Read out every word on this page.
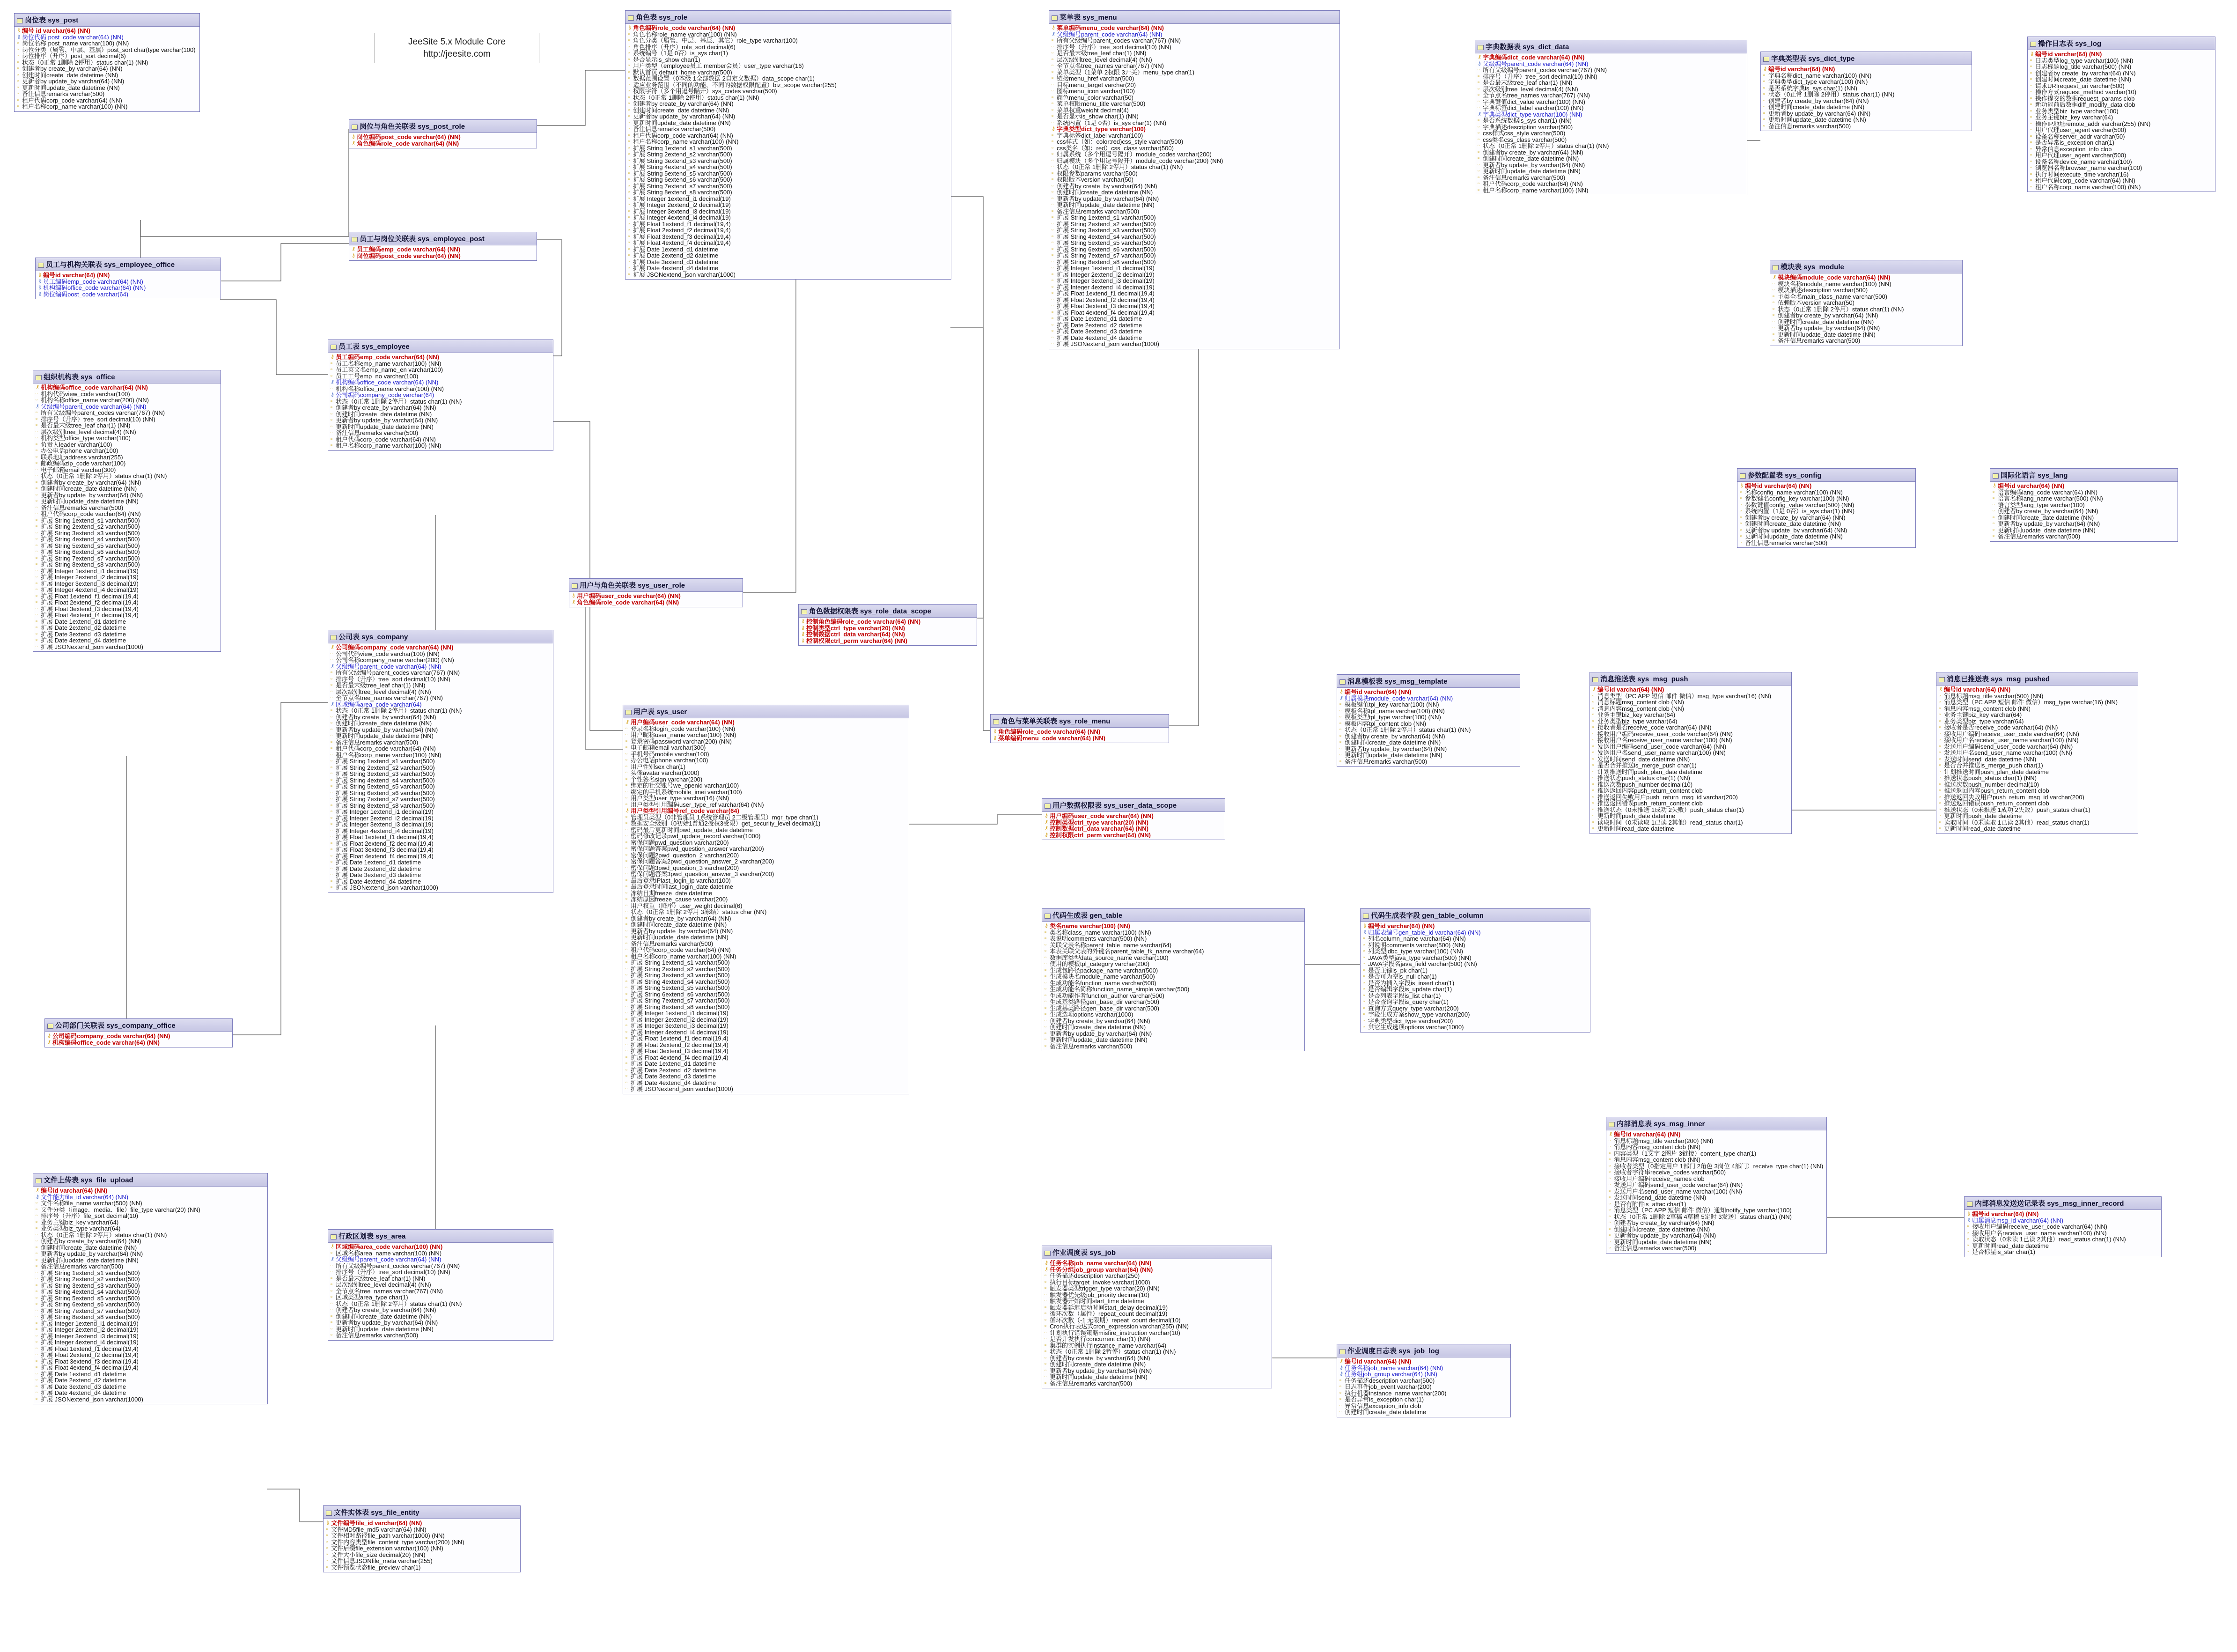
JeeSite 5.x Module Core
http://jeesite.com
岗位表 sys_post
⚷ 编号 id varchar(64) (NN)
⚷ 岗位代码 post_code varchar(64) (NN)
▫ 岗位名称 post_name varchar(100) (NN)
▫ 岗位分类（属管、中层、基层）post_sort char(type varchar(100)
▫ 岗位排序（升序）post_sort decimal(6)
▫ 状态（0正常 1删除 2停用）status char(1) (NN)
▫ 创建者by create_by varchar(64) (NN)
▫ 创建时间create_date datetime (NN)
▫ 更新者by update_by varchar(64) (NN)
▫ 更新时间update_date datetime (NN)
▫ 备注信息remarks varchar(500)
▫ 租户代码corp_code varchar(64) (NN)
▫ 租户名称corp_name varchar(100) (NN)
角色表 sys_role
⚷ 角色编码role_code varchar(64) (NN)
▫ 角色名称role_name varchar(100) (NN)
▫ 角色分类（属管、中层、基层、其它）role_type varchar(100)
▫ 角色排序（升序）role_sort decimal(6)
▫ 系统编号（1是 0否）is_sys char(1)
▫ 是否显示is_show char(1)
▫ 用户类型（employee员工 member会员）user_type varchar(16)
▫ 默认首页 default_home varchar(500)
▫ 数据范围设置（0本级 1全部数据 2自定义数据）data_scope char(1)
▫ 适应业务范围（不同的功能，不同的数据权限配置）biz_scope varchar(255)
▫ 权限字符（多个用逗号隔开）sys_codes varchar(500)
▫ 状态（0正常 1删除 2停用）status char(1) (NN)
▫ 创建者by create_by varchar(64) (NN)
▫ 创建时间create_date datetime (NN)
▫ 更新者by update_by varchar(64) (NN)
▫ 更新时间update_date datetime (NN)
▫ 备注信息remarks varchar(500)
▫ 租户代码corp_code varchar(64) (NN)
▫ 租户名称corp_name varchar(100) (NN)
▫ 扩展 String 1extend_s1 varchar(500)
▫ 扩展 String 2extend_s2 varchar(500)
▫ 扩展 String 3extend_s3 varchar(500)
▫ 扩展 String 4extend_s4 varchar(500)
▫ 扩展 String 5extend_s5 varchar(500)
▫ 扩展 String 6extend_s6 varchar(500)
▫ 扩展 String 7extend_s7 varchar(500)
▫ 扩展 String 8extend_s8 varchar(500)
▫ 扩展 Integer 1extend_i1 decimal(19)
▫ 扩展 Integer 2extend_i2 decimal(19)
▫ 扩展 Integer 3extend_i3 decimal(19)
▫ 扩展 Integer 4extend_i4 decimal(19)
▫ 扩展 Float 1extend_f1 decimal(19,4)
▫ 扩展 Float 2extend_f2 decimal(19,4)
▫ 扩展 Float 3extend_f3 decimal(19,4)
▫ 扩展 Float 4extend_f4 decimal(19,4)
▫ 扩展 Date 1extend_d1 datetime
▫ 扩展 Date 2extend_d2 datetime
▫ 扩展 Date 3extend_d3 datetime
▫ 扩展 Date 4extend_d4 datetime
▫ 扩展 JSONextend_json varchar(1000)
菜单表 sys_menu
⚷ 菜单编码menu_code varchar(64) (NN)
⚷ 父级编号parent_code varchar(64) (NN)
▫ 所有父级编号parent_codes varchar(767) (NN)
▫ 排序号（升序）tree_sort decimal(10) (NN)
▫ 是否最末级tree_leaf char(1) (NN)
▫ 层次级别tree_level decimal(4) (NN)
▫ 全节点名tree_names varchar(767) (NN)
▫ 菜单类型（1菜单 2权限 3开关）menu_type char(1)
▫ 链接menu_href varchar(500)
▫ 目标menu_target varchar(20)
▫ 图标menu_icon varchar(100)
▫ 颜色menu_color varchar(50)
▫ 菜单权限menu_title varchar(500)
▫ 菜单权重weight decimal(4)
▫ 是否显示is_show char(1) (NN)
▫ 系统内置（1是 0否）is_sys char(1) (NN)
⚷ 字典类型dict_type varchar(100)
▫ 字典标签dict_label varchar(100)
▫ css样式（如：color:red)css_style varchar(500)
▫ css类名（如：red）css_class varchar(500)
▫ 归属系统（多个用逗号隔开）module_codes varchar(200)
▫ 归属模块（多个用逗号隔开）module_code varchar(200) (NN)
▫ 状态（0正常 1删除 2停用）status char(1) (NN)
▫ 权限参数params varchar(500)
▫ 权限版本version varchar(50)
▫ 创建者by create_by varchar(64) (NN)
▫ 创建时间create_date datetime (NN)
▫ 更新者by update_by varchar(64) (NN)
▫ 更新时间update_date datetime (NN)
▫ 备注信息remarks varchar(500)
▫ 扩展 String 1extend_s1 varchar(500)
▫ 扩展 String 2extend_s2 varchar(500)
▫ 扩展 String 3extend_s3 varchar(500)
▫ 扩展 String 4extend_s4 varchar(500)
▫ 扩展 String 5extend_s5 varchar(500)
▫ 扩展 String 6extend_s6 varchar(500)
▫ 扩展 String 7extend_s7 varchar(500)
▫ 扩展 String 8extend_s8 varchar(500)
▫ 扩展 Integer 1extend_i1 decimal(19)
▫ 扩展 Integer 2extend_i2 decimal(19)
▫ 扩展 Integer 3extend_i3 decimal(19)
▫ 扩展 Integer 4extend_i4 decimal(19)
▫ 扩展 Float 1extend_f1 decimal(19,4)
▫ 扩展 Float 2extend_f2 decimal(19,4)
▫ 扩展 Float 3extend_f3 decimal(19,4)
▫ 扩展 Float 4extend_f4 decimal(19,4)
▫ 扩展 Date 1extend_d1 datetime
▫ 扩展 Date 2extend_d2 datetime
▫ 扩展 Date 3extend_d3 datetime
▫ 扩展 Date 4extend_d4 datetime
▫ 扩展 JSONextend_json varchar(1000)
字典数据表 sys_dict_data
⚷ 字典编码dict_code varchar(64) (NN)
⚷ 父级编号parent_code varchar(64) (NN)
▫ 所有父级编号parent_codes varchar(767) (NN)
▫ 排序号（升序）tree_sort decimal(10) (NN)
▫ 是否最末级tree_leaf char(1) (NN)
▫ 层次级别tree_level decimal(4) (NN)
▫ 全节点名tree_names varchar(767) (NN)
▫ 字典键值dict_value varchar(100) (NN)
▫ 字典标签dict_label varchar(100) (NN)
⚷ 字典类型dict_type varchar(100) (NN)
▫ 是否系统数据is_sys char(1) (NN)
▫ 字典描述description varchar(500)
▫ css样式css_style varchar(500)
▫ css类名css_class varchar(500)
▫ 状态（0正常 1删除 2停用）status char(1) (NN)
▫ 创建者by create_by varchar(64) (NN)
▫ 创建时间create_date datetime (NN)
▫ 更新者by update_by varchar(64) (NN)
▫ 更新时间update_date datetime (NN)
▫ 备注信息remarks varchar(500)
▫ 租户代码corp_code varchar(64) (NN)
▫ 租户名称corp_name varchar(100) (NN)
字典类型表 sys_dict_type
⚷ 编号id varchar(64) (NN)
▫ 字典名称dict_name varchar(100) (NN)
▫ 字典类型dict_type varchar(100) (NN)
▫ 是否系统字典is_sys char(1) (NN)
▫ 状态（0正常 1删除 2停用）status char(1) (NN)
▫ 创建者by create_by varchar(64) (NN)
▫ 创建时间create_date datetime (NN)
▫ 更新者by update_by varchar(64) (NN)
▫ 更新时间update_date datetime (NN)
▫ 备注信息remarks varchar(500)
操作日志表 sys_log
⚷ 编号id varchar(64) (NN)
▫ 日志类型log_type varchar(100) (NN)
▫ 日志标题log_title varchar(500) (NN)
▫ 创建者by create_by varchar(64) (NN)
▫ 创建时间create_date datetime (NN)
▫ 请求URIrequest_uri varchar(500)
▫ 操作方式request_method varchar(10)
▫ 操作提交的数据request_params clob
▫ 新功能前后数据diff_modify_data clob
▫ 业务类型biz_type varchar(100)
▫ 业务主键biz_key varchar(64)
▫ 操作IP地址remote_addr varchar(255) (NN)
▫ 用户代理user_agent varchar(500)
▫ 设备名称server_addr varchar(50)
▫ 是否异常is_exception char(1)
▫ 异常信息exception_info clob
▫ 用户代理user_agent varchar(500)
▫ 设备名称device_name varchar(100)
▫ 浏览器名称browser_name varchar(100)
▫ 执行时间execute_time varchar(16)
▫ 租户代码corp_code varchar(64) (NN)
▫ 租户名称corp_name varchar(100) (NN)
模块表 sys_module
⚷ 模块编码module_code varchar(64) (NN)
▫ 模块名称module_name varchar(100) (NN)
▫ 模块描述description varchar(500)
▫ 主类全名main_class_name varchar(500)
▫ 依赖版本version varchar(50)
▫ 状态（0正常 1删除 2停用）status char(1) (NN)
▫ 创建者by create_by varchar(64) (NN)
▫ 创建时间create_date datetime (NN)
▫ 更新者by update_by varchar(64) (NN)
▫ 更新时间update_date datetime (NN)
▫ 备注信息remarks varchar(500)
参数配置表 sys_config
⚷ 编号id varchar(64) (NN)
▫ 名称config_name varchar(100) (NN)
▫ 参数键名config_key varchar(100) (NN)
▫ 参数键值config_value varchar(500) (NN)
▫ 系统内置（1是 0否）is_sys char(1) (NN)
▫ 创建者by create_by varchar(64) (NN)
▫ 创建时间create_date datetime (NN)
▫ 更新者by update_by varchar(64) (NN)
▫ 更新时间update_date datetime (NN)
▫ 备注信息remarks varchar(500)
国际化语言 sys_lang
⚷ 编号id varchar(64) (NN)
▫ 语言编码lang_code varchar(64) (NN)
▫ 语言名称lang_name varchar(500) (NN)
▫ 语言类型lang_type varchar(100)
▫ 创建者by create_by varchar(64) (NN)
▫ 创建时间create_date datetime (NN)
▫ 更新者by update_by varchar(64) (NN)
▫ 更新时间update_date datetime (NN)
▫ 备注信息remarks varchar(500)
岗位与角色关联表 sys_post_role
⚷ 岗位编码post_code varchar(64) (NN)
⚷ 角色编码role_code varchar(64) (NN)
员工与岗位关联表 sys_employee_post
⚷ 员工编码emp_code varchar(64) (NN)
⚷ 岗位编码post_code varchar(64) (NN)
员工与机构关联表 sys_employee_office
⚷ 编号id varchar(64) (NN)
⚷ 员工编码emp_code varchar(64) (NN)
⚷ 机构编码office_code varchar(64) (NN)
⚷ 岗位编码post_code varchar(64)
员工表 sys_employee
⚷ 员工编码emp_code varchar(64) (NN)
▫ 员工名称emp_name varchar(100) (NN)
▫ 员工英文名emp_name_en varchar(100)
▫ 员工工号emp_no varchar(100)
⚷ 机构编码office_code varchar(64) (NN)
▫ 机构名称office_name varchar(100) (NN)
⚷ 公司编码company_code varchar(64)
▫ 状态（0正常 1删除 2停用）status char(1) (NN)
▫ 创建者by create_by varchar(64) (NN)
▫ 创建时间create_date datetime (NN)
▫ 更新者by update_by varchar(64) (NN)
▫ 更新时间update_date datetime (NN)
▫ 备注信息remarks varchar(500)
▫ 租户代码corp_code varchar(64) (NN)
▫ 租户名称corp_name varchar(100) (NN)
组织机构表 sys_office
⚷ 机构编码office_code varchar(64) (NN)
▫ 机构代码view_code varchar(100)
▫ 机构名称office_name varchar(200) (NN)
⚷ 父级编号parent_code varchar(64) (NN)
▫ 所有父级编号parent_codes varchar(767) (NN)
▫ 排序号（升序）tree_sort decimal(10) (NN)
▫ 是否最末级tree_leaf char(1) (NN)
▫ 层次级别tree_level decimal(4) (NN)
▫ 机构类型office_type varchar(100)
▫ 负责人leader varchar(100)
▫ 办公电话phone varchar(100)
▫ 联系地址address varchar(255)
▫ 邮政编码zip_code varchar(100)
▫ 电子邮箱email varchar(300)
▫ 状态（0正常 1删除 2停用）status char(1) (NN)
▫ 创建者by create_by varchar(64) (NN)
▫ 创建时间create_date datetime (NN)
▫ 更新者by update_by varchar(64) (NN)
▫ 更新时间update_date datetime (NN)
▫ 备注信息remarks varchar(500)
▫ 租户代码corp_code varchar(64) (NN)
▫ 扩展 String 1extend_s1 varchar(500)
▫ 扩展 String 2extend_s2 varchar(500)
▫ 扩展 String 3extend_s3 varchar(500)
▫ 扩展 String 4extend_s4 varchar(500)
▫ 扩展 String 5extend_s5 varchar(500)
▫ 扩展 String 6extend_s6 varchar(500)
▫ 扩展 String 7extend_s7 varchar(500)
▫ 扩展 String 8extend_s8 varchar(500)
▫ 扩展 Integer 1extend_i1 decimal(19)
▫ 扩展 Integer 2extend_i2 decimal(19)
▫ 扩展 Integer 3extend_i3 decimal(19)
▫ 扩展 Integer 4extend_i4 decimal(19)
▫ 扩展 Float 1extend_f1 decimal(19,4)
▫ 扩展 Float 2extend_f2 decimal(19,4)
▫ 扩展 Float 3extend_f3 decimal(19,4)
▫ 扩展 Float 4extend_f4 decimal(19,4)
▫ 扩展 Date 1extend_d1 datetime
▫ 扩展 Date 2extend_d2 datetime
▫ 扩展 Date 3extend_d3 datetime
▫ 扩展 Date 4extend_d4 datetime
▫ 扩展 JSONextend_json varchar(1000)
公司表 sys_company
⚷ 公司编码company_code varchar(64) (NN)
▫ 公司代码view_code varchar(100) (NN)
▫ 公司名称company_name varchar(200) (NN)
⚷ 父级编号parent_code varchar(64) (NN)
▫ 所有父级编号parent_codes varchar(767) (NN)
▫ 排序号（升序）tree_sort decimal(10) (NN)
▫ 是否最末级tree_leaf char(1) (NN)
▫ 层次级别tree_level decimal(4) (NN)
▫ 全节点名tree_names varchar(767) (NN)
⚷ 区域编码area_code varchar(64)
▫ 状态（0正常 1删除 2停用）status char(1) (NN)
▫ 创建者by create_by varchar(64) (NN)
▫ 创建时间create_date datetime (NN)
▫ 更新者by update_by varchar(64) (NN)
▫ 更新时间update_date datetime (NN)
▫ 备注信息remarks varchar(500)
▫ 租户代码corp_code varchar(64) (NN)
▫ 租户名称corp_name varchar(100) (NN)
▫ 扩展 String 1extend_s1 varchar(500)
▫ 扩展 String 2extend_s2 varchar(500)
▫ 扩展 String 3extend_s3 varchar(500)
▫ 扩展 String 4extend_s4 varchar(500)
▫ 扩展 String 5extend_s5 varchar(500)
▫ 扩展 String 6extend_s6 varchar(500)
▫ 扩展 String 7extend_s7 varchar(500)
▫ 扩展 String 8extend_s8 varchar(500)
▫ 扩展 Integer 1extend_i1 decimal(19)
▫ 扩展 Integer 2extend_i2 decimal(19)
▫ 扩展 Integer 3extend_i3 decimal(19)
▫ 扩展 Integer 4extend_i4 decimal(19)
▫ 扩展 Float 1extend_f1 decimal(19,4)
▫ 扩展 Float 2extend_f2 decimal(19,4)
▫ 扩展 Float 3extend_f3 decimal(19,4)
▫ 扩展 Float 4extend_f4 decimal(19,4)
▫ 扩展 Date 1extend_d1 datetime
▫ 扩展 Date 2extend_d2 datetime
▫ 扩展 Date 3extend_d3 datetime
▫ 扩展 Date 4extend_d4 datetime
▫ 扩展 JSONextend_json varchar(1000)
公司部门关联表 sys_company_office
⚷ 公司编码company_code varchar(64) (NN)
⚷ 机构编码office_code varchar(64) (NN)
用户与角色关联表 sys_user_role
⚷ 用户编码user_code varchar(64) (NN)
⚷ 角色编码role_code varchar(64) (NN)
角色数据权限表 sys_role_data_scope
⚷ 控制角色编码role_code varchar(64) (NN)
⚷ 控制类型ctrl_type varchar(20) (NN)
⚷ 控制数据ctrl_data varchar(64) (NN)
⚷ 控制权限ctrl_perm varchar(64) (NN)
角色与菜单关联表 sys_role_menu
⚷ 角色编码role_code varchar(64) (NN)
⚷ 菜单编码menu_code varchar(64) (NN)
用户数据权限表 sys_user_data_scope
⚷ 用户编码user_code varchar(64) (NN)
⚷ 控制类型ctrl_type varchar(20) (NN)
⚷ 控制数据ctrl_data varchar(64) (NN)
⚷ 控制权限ctrl_perm varchar(64) (NN)
用户表 sys_user
⚷ 用户编码user_code varchar(64) (NN)
▫ 登录名称login_code varchar(100) (NN)
▫ 用户昵称user_name varchar(100) (NN)
▫ 登录密码password varchar(200) (NN)
▫ 电子邮箱email varchar(300)
▫ 手机号码mobile varchar(100)
▫ 办公电话phone varchar(100)
▫ 用户性别sex char(1)
▫ 头像avatar varchar(1000)
▫ 个性签名sign varchar(200)
▫ 绑定的社交账号we_openid varchar(100)
▫ 绑定的手机系统mobile_imei varchar(100)
▫ 用户类型user_type varchar(16) (NN)
▫ 用户类型引用编码user_type_ref varchar(64) (NN)
⚷ 用户类型引用编号ref_code varchar(64)
▫ 管理员类型（0非管理员 1系统管理员 2二级管理员）mgr_type char(1)
▫ 数据安全级别（0初始1普通2授权3受限）get_security_level decimal(1)
▫ 密码最后更新时间pwd_update_date datetime
▫ 密码修改记录pwd_update_record varchar(1000)
▫ 密保问题pwd_question varchar(200)
▫ 密保问题答案pwd_question_answer varchar(200)
▫ 密保问题2pwd_question_2 varchar(200)
▫ 密保问题答案2pwd_question_answer_2 varchar(200)
▫ 密保问题3pwd_question_3 varchar(200)
▫ 密保问题答案3pwd_question_answer_3 varchar(200)
▫ 最后登录IPlast_login_ip varchar(100)
▫ 最后登录时间last_login_date datetime
▫ 冻结日期freeze_date datetime
▫ 冻结原因freeze_cause varchar(200)
▫ 用户权重（降序）user_weight decimal(6)
▫ 状态（0正常 1删除 2停用 3冻结）status char (NN)
▫ 创建者by create_by varchar(64) (NN)
▫ 创建时间create_date datetime (NN)
▫ 更新者by update_by varchar(64) (NN)
▫ 更新时间update_date datetime (NN)
▫ 备注信息remarks varchar(500)
▫ 租户代码corp_code varchar(64) (NN)
▫ 租户名称corp_name varchar(100) (NN)
▫ 扩展 String 1extend_s1 varchar(500)
▫ 扩展 String 2extend_s2 varchar(500)
▫ 扩展 String 3extend_s3 varchar(500)
▫ 扩展 String 4extend_s4 varchar(500)
▫ 扩展 String 5extend_s5 varchar(500)
▫ 扩展 String 6extend_s6 varchar(500)
▫ 扩展 String 7extend_s7 varchar(500)
▫ 扩展 String 8extend_s8 varchar(500)
▫ 扩展 Integer 1extend_i1 decimal(19)
▫ 扩展 Integer 2extend_i2 decimal(19)
▫ 扩展 Integer 3extend_i3 decimal(19)
▫ 扩展 Integer 4extend_i4 decimal(19)
▫ 扩展 Float 1extend_f1 decimal(19,4)
▫ 扩展 Float 2extend_f2 decimal(19,4)
▫ 扩展 Float 3extend_f3 decimal(19,4)
▫ 扩展 Float 4extend_f4 decimal(19,4)
▫ 扩展 Date 1extend_d1 datetime
▫ 扩展 Date 2extend_d2 datetime
▫ 扩展 Date 3extend_d3 datetime
▫ 扩展 Date 4extend_d4 datetime
▫ 扩展 JSONextend_json varchar(1000)
行政区划表 sys_area
⚷ 区域编码area_code varchar(100) (NN)
▫ 区域名称area_name varchar(100) (NN)
⚷ 父级编号parent_code varchar(64) (NN)
▫ 所有父级编号parent_codes varchar(767) (NN)
▫ 排序号（升序）tree_sort decimal(10) (NN)
▫ 是否最末级tree_leaf char(1) (NN)
▫ 层次级别tree_level decimal(4) (NN)
▫ 全节点名tree_names varchar(767) (NN)
▫ 区域类型area_type char(1)
▫ 状态（0正常 1删除 2停用）status char(1) (NN)
▫ 创建者by create_by varchar(64) (NN)
▫ 创建时间create_date datetime (NN)
▫ 更新者by update_by varchar(64) (NN)
▫ 更新时间update_date datetime (NN)
▫ 备注信息remarks varchar(500)
文件上传表 sys_file_upload
⚷ 编号id varchar(64) (NN)
⚷ 文件能力file_id varchar(64) (NN)
▫ 文件名称file_name varchar(500) (NN)
▫ 文件分类（image、media、file）file_type varchar(20) (NN)
▫ 排序号（升序）file_sort decimal(10)
▫ 业务主键biz_key varchar(64)
▫ 业务类型biz_type varchar(64)
▫ 状态（0正常 1删除 2停用）status char(1) (NN)
▫ 创建者by create_by varchar(64) (NN)
▫ 创建时间create_date datetime (NN)
▫ 更新者by update_by varchar(64) (NN)
▫ 更新时间update_date datetime (NN)
▫ 备注信息remarks varchar(500)
▫ 扩展 String 1extend_s1 varchar(500)
▫ 扩展 String 2extend_s2 varchar(500)
▫ 扩展 String 3extend_s3 varchar(500)
▫ 扩展 String 4extend_s4 varchar(500)
▫ 扩展 String 5extend_s5 varchar(500)
▫ 扩展 String 6extend_s6 varchar(500)
▫ 扩展 String 7extend_s7 varchar(500)
▫ 扩展 String 8extend_s8 varchar(500)
▫ 扩展 Integer 1extend_i1 decimal(19)
▫ 扩展 Integer 2extend_i2 decimal(19)
▫ 扩展 Integer 3extend_i3 decimal(19)
▫ 扩展 Integer 4extend_i4 decimal(19)
▫ 扩展 Float 1extend_f1 decimal(19,4)
▫ 扩展 Float 2extend_f2 decimal(19,4)
▫ 扩展 Float 3extend_f3 decimal(19,4)
▫ 扩展 Float 4extend_f4 decimal(19,4)
▫ 扩展 Date 1extend_d1 datetime
▫ 扩展 Date 2extend_d2 datetime
▫ 扩展 Date 3extend_d3 datetime
▫ 扩展 Date 4extend_d4 datetime
▫ 扩展 JSONextend_json varchar(1000)
文件实体表 sys_file_entity
⚷ 文件编号file_id varchar(64) (NN)
▫ 文件MD5file_md5 varchar(64) (NN)
▫ 文件相对路径file_path varchar(1000) (NN)
▫ 文件内容类型file_content_type varchar(200) (NN)
▫ 文件后缀file_extension varchar(100) (NN)
▫ 文件大小file_size decimal(20) (NN)
▫ 文件信息JSONfile_meta varchar(255)
▫ 文件预览状态file_preview char(1)
代码生成表 gen_table
⚷ 类名name varchar(100) (NN)
▫ 类名称class_name varchar(100) (NN)
▫ 表说明comments varchar(500) (NN)
▫ 关联父表名称parent_table_name varchar(64)
▫ 本表关联父表的外键名parent_table_fk_name varchar(64)
▫ 数据库类型data_source_name varchar(100)
▫ 使用的模板tpl_category varchar(200)
▫ 生成包路径package_name varchar(500)
▫ 生成模块名module_name varchar(500)
▫ 生成功能名function_name varchar(500)
▫ 生成功能名简称function_name_simple varchar(500)
▫ 生成功能作者function_author varchar(500)
▫ 生成基类路径gen_base_dir varchar(500)
▫ 生成基类路径gen_base_dir varchar(500)
▫ 生成选项options varchar(1000)
▫ 创建者by create_by varchar(64) (NN)
▫ 创建时间create_date datetime (NN)
▫ 更新者by update_by varchar(64) (NN)
▫ 更新时间update_date datetime (NN)
▫ 备注信息remarks varchar(500)
代码生成表字段 gen_table_column
⚷ 编号id varchar(64) (NN)
⚷ 归属表编号gen_table_id varchar(64) (NN)
▫ 列名column_name varchar(64) (NN)
▫ 列说明comments varchar(500) (NN)
▫ 列类型jdbc_type varchar(100) (NN)
▫ JAVA类型java_type varchar(500) (NN)
▫ JAVA字段名java_field varchar(500) (NN)
▫ 是否主键is_pk char(1)
▫ 是否可为空is_null char(1)
▫ 是否为插入字段is_insert char(1)
▫ 是否编辑字段is_update char(1)
▫ 是否列表字段is_list char(1)
▫ 是否查询字段is_query char(1)
▫ 查询方式query_type varchar(200)
▫ 字段生成方案show_type varchar(200)
▫ 字典类型dict_type varchar(200)
▫ 其它生成选项options varchar(1000)
作业调度表 sys_job
⚷ 任务名称job_name varchar(64) (NN)
⚷ 任务分组job_group varchar(64) (NN)
▫ 任务描述description varchar(250)
▫ 执行目标target_invoke varchar(1000)
▫ 触发器类型trigger_type varchar(20) (NN)
▫ 触发器优先级job_priority decimal(10)
▫ 触发器开始时间start_time datetime
▫ 触发器延迟启动时间start_delay decimal(19)
▫ 循环次数（属性）repeat_count decimal(19)
▫ 循环次数（-1 无限期）repeat_count decimal(10)
▫ Cron执行表达式cron_expression varchar(255) (NN)
▫ 计划执行错误策略misfire_instruction varchar(10)
▫ 是否并发执行concurrent char(1) (NN)
▫ 集群的实例执行instance_name varchar(64)
▫ 状态（0正常 1删除 2暂停）status char(1) (NN)
▫ 创建者by create_by varchar(64) (NN)
▫ 创建时间create_date datetime (NN)
▫ 更新者by update_by varchar(64) (NN)
▫ 更新时间update_date datetime (NN)
▫ 备注信息remarks varchar(500)
作业调度日志表 sys_job_log
⚷ 编号id varchar(64) (NN)
⚷ 任务名称job_name varchar(64) (NN)
⚷ 任务组job_group varchar(64) (NN)
▫ 任务描述description varchar(500)
▫ 日志事件job_event varchar(200)
▫ 执行机器instance_name varchar(200)
▫ 是否异常is_exception char(1)
▫ 异常信息exception_info clob
▫ 创建时间create_date datetime
消息模板表 sys_msg_template
⚷ 编号id varchar(64) (NN)
⚷ 归属模块module_code varchar(64) (NN)
▫ 模板键值tpl_key varchar(100) (NN)
▫ 模板名称tpl_name varchar(100) (NN)
▫ 模板类型tpl_type varchar(100) (NN)
▫ 模板内容tpl_content clob (NN)
▫ 状态（0正常 1删除 2停用）status char(1) (NN)
▫ 创建者by create_by varchar(64) (NN)
▫ 创建时间create_date datetime (NN)
▫ 更新者by update_by varchar(64) (NN)
▫ 更新时间update_date datetime (NN)
▫ 备注信息remarks varchar(500)
消息推送表 sys_msg_push
⚷ 编号id varchar(64) (NN)
▫ 消息类型（PC APP 短信 邮件 微信）msg_type varchar(16) (NN)
▫ 消息标题msg_content clob (NN)
▫ 消息内容msg_content clob (NN)
▫ 业务主键biz_key varchar(64)
▫ 业务类型biz_type varchar(64)
▫ 接收者是否receive_code varchar(64) (NN)
▫ 接收用户编码receive_user_code varchar(64) (NN)
▫ 接收用户名receive_user_name varchar(100) (NN)
▫ 发送用户编码send_user_code varchar(64) (NN)
▫ 发送用户名send_user_name varchar(100) (NN)
▫ 发送时间send_date datetime (NN)
▫ 是否合并推送is_merge_push char(1)
▫ 计划推送时间push_plan_date datetime
▫ 推送状态push_status char(1) (NN)
▫ 推送次数push_number decimal(10)
▫ 推送返回内容push_return_content clob
▫ 推送返回失败用户push_return_msg_id varchar(200)
▫ 推送返回错误push_return_content clob
▫ 推送状态（0未推送 1成功 2失败）push_status char(1)
▫ 更新时间push_date datetime
▫ 读取时间（0未读取 1已读 2其他）read_status char(1)
▫ 更新时间read_date datetime
消息已推送表 sys_msg_pushed
⚷ 编号id varchar(64) (NN)
▫ 消息标题msg_title varchar(500) (NN)
▫ 消息类型（PC APP 短信 邮件 微信）msg_type varchar(16) (NN)
▫ 消息内容msg_content clob (NN)
▫ 业务主键biz_key varchar(64)
▫ 业务类型biz_type varchar(64)
▫ 接收者是否receive_code varchar(64) (NN)
▫ 接收用户编码receive_user_code varchar(64) (NN)
▫ 接收用户名receive_user_name varchar(100) (NN)
▫ 发送用户编码send_user_code varchar(64) (NN)
▫ 发送用户名send_user_name varchar(100) (NN)
▫ 发送时间send_date datetime (NN)
▫ 是否合并推送is_merge_push char(1)
▫ 计划推送时间push_plan_date datetime
▫ 推送状态push_status char(1) (NN)
▫ 推送次数push_number decimal(10)
▫ 推送返回内容push_return_content clob
▫ 推送返回失败用户push_return_msg_id varchar(200)
▫ 推送返回错误push_return_content clob
▫ 推送状态（0未推送 1成功 2失败）push_status char(1)
▫ 更新时间push_date datetime
▫ 读取时间（0未读取 1已读 2其他）read_status char(1)
▫ 更新时间read_date datetime
内部消息表 sys_msg_inner
⚷ 编号id varchar(64) (NN)
▫ 消息标题msg_title varchar(200) (NN)
▫ 消息内容msg_content clob (NN)
▫ 内容类型（1文字 2图片 3链接）content_type char(1)
▫ 消息内容msg_content clob (NN)
▫ 接收者类型（0指定用户 1部门 2角色 3岗位 4部门）receive_type char(1) (NN)
▫ 接收者字符串receive_codes varchar(500)
▫ 接收用户编码receive_names clob
▫ 发送用户编码send_user_code varchar(64) (NN)
▫ 发送用户名send_user_name varchar(100) (NN)
▫ 发送时间send_date datetime (NN)
▫ 是否有附件is_attac char(1)
▫ 消息类型（PC APP 短信 邮件 微信）通知notify_type varchar(100)
▫ 状态（0正常 1删除 2草稿 4草稿 5定时 3发送）status char(1) (NN)
▫ 创建者by create_by varchar(64) (NN)
▫ 创建时间create_date datetime (NN)
▫ 更新者by update_by varchar(64) (NN)
▫ 更新时间update_date datetime (NN)
▫ 备注信息remarks varchar(500)
内部消息发送送记录表 sys_msg_inner_record
⚷ 编号id varchar(64) (NN)
⚷ 归属消息msg_id varchar(64) (NN)
▫ 接收用户编码receive_user_code varchar(64) (NN)
▫ 接收用户名receive_user_name varchar(100) (NN)
▫ 读取状态（0未读 1已读 2其他）read_status char(1) (NN)
▫ 更新时间read_date datetime
▫ 是否标星is_star char(1)
